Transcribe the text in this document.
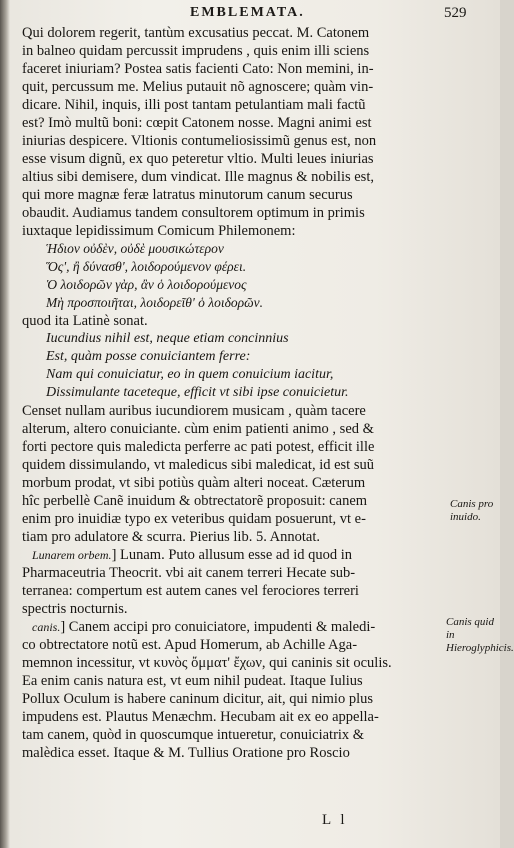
EMBLEMATA.	529
Qui dolorem regerit, tantùm excusatius peccat. M. Catonem
in balneo quidam percussit imprudens , quis enim illi sciens
faceret iniuriam? Postea satis facienti Cato: Non memini, in-
quit, percussum me. Melius putauit nõ agnoscere; quàm vin-
dicare. Nihil, inquis, illi post tantam petulantiam mali factũ
est? Imò multũ boni: cœpit Catonem nosse. Magni animi est
iniurias despicere. Vltionis contumeliosissimũ genus est, non
esse visum dignũ, ex quo peteretur vltio. Multi leues iniurias
altius sibi demisere, dum vindicat. Ille magnus & nobilis est,
qui more magnæ feræ latratus minutorum canum securus
obaudit. Audiamus tandem consultorem optimum in primis
iuxtaque lepidissimum Comicum Philemonem:
Ἡδιον οὐδὲν, οὐδὲ μουσικώτερον
Ὅς', ἢ δύνασθ', λοιδορούμενον φέρει.
Ὁ λοιδορῶν γὰρ, ἂν ὁ λοιδορούμενος
Μὴ προσποιῆται, λοιδορεῖθ' ὁ λοιδορῶν.
quod ita Latinè sonat.
Iucundius nihil est, neque etiam concinnius
Est, quàm posse conuiciantem ferre:
Nam qui conuiciatur, eo in quem conuicium iacitur,
Dissimulante taceteque, efficit vt sibi ipse conuicietur.
Censet nullam auribus iucundiorem musicam , quàm tacere
alterum, altero conuiciante. cùm enim patienti animo , sed &
forti pectore quis maledicta perferre ac pati potest, efficit ille
quidem dissimulando, vt maledicus sibi maledicat, id est suũ
morbum prodat, vt sibi potiùs quàm alteri noceat. Cæterum
hîc perbellè Canẽ inuidum & obtrectatorẽ proposuit: canem
enim pro inuidiæ typo ex veteribus quidam posuerunt, vt e-
tiam pro adulatore & scurra. Pierius lib. 5. Annotat.
Lunarem orbem.] Lunam. Puto allusum esse ad id quod in
Pharmaceutria Theocrit. vbi ait canem terreri Hecate sub-
terranea: compertum est autem canes vel ferociores terreri
spectris nocturnis.
canis.] Canem accipi pro conuiciatore, impudenti & maledi-
co obtrectatore notũ est. Apud Homerum, ab Achille Aga-
memnon incessitur, vt κυνὸς ὄμματ' ἔχων, qui caninis sit oculis.
Ea enim canis natura est, vt eum nihil pudeat. Itaque Iulius
Pollux Oculum is habere caninum dicitur, ait, qui nimio plus
impudens est. Plautus Menæchm. Hecubam ait ex eo appella-
tam canem, quòd in quoscumque intueretur, conuiciatrix &
malèdica esset. Itaque & M. Tullius Oratione pro Roscio
Canis pro inuido.
Canis quid in Hieroglyphicis.
L l
